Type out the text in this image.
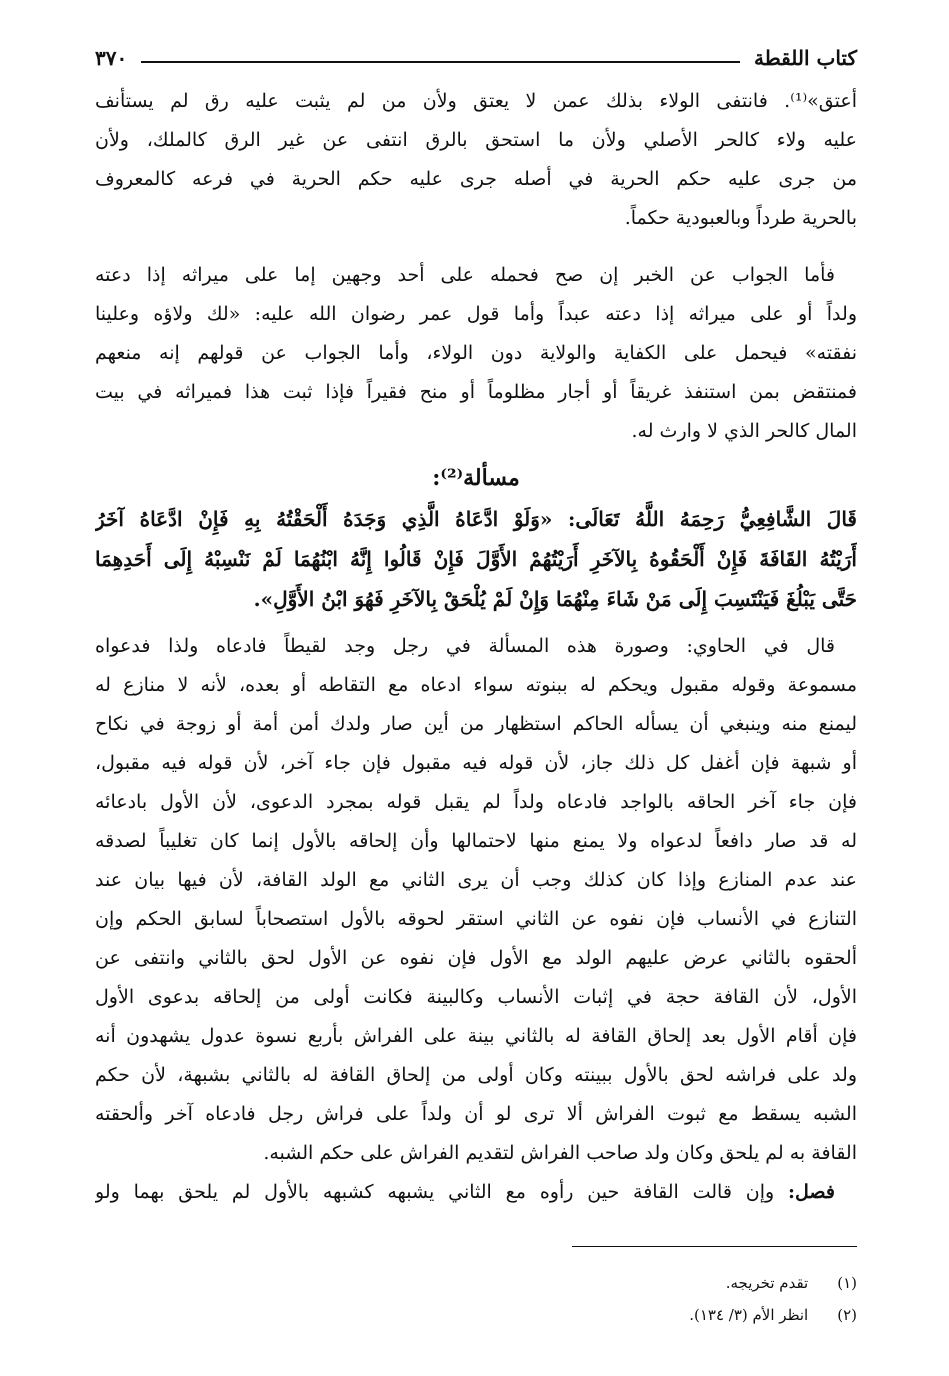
كتاب اللقطة
٣٧٠
أعتق»⁽¹⁾. فانتفى الولاء بذلك عمن لا يعتق ولأن من لم يثبت عليه رق لم يستأنف
عليه ولاء كالحر الأصلي ولأن ما استحق بالرق انتفى عن غير الرق كالملك، ولأن
من جرى عليه حكم الحرية في أصله جرى عليه حكم الحرية في فرعه كالمعروف
بالحرية طرداً وبالعبودية حكماً.
فأما الجواب عن الخبر إن صح فحمله على أحد وجهين إما على ميراثه إذا دعته
ولداً أو على ميراثه إذا دعته عبداً وأما قول عمر رضوان الله عليه: «لك ولاؤه وعلينا
نفقته» فيحمل على الكفاية والولاية دون الولاء، وأما الجواب عن قولهم إنه منعهم
فمنتقض بمن استنفذ غريقاً أو أجار مظلوماً أو منح فقيراً فإذا ثبت هذا فميراثه في بيت
المال كالحر الذي لا وارث له.
مسألة⁽²⁾:
قَالَ الشَّافِعِيُّ رَحِمَهُ اللَّهُ تَعَالَى: «وَلَوْ ادَّعَاهُ الَّذِي وَجَدَهُ أَلْحَقْتُهُ بِهِ فَإِنْ ادَّعَاهُ آخَرُ
أَرَيْتُهُ القَافَةَ فَإِنْ أَلْحَقُوهُ بِالآخَرِ أَرَيْتُهُمْ الأَوَّلَ فَإِنْ قَالُوا إِنَّهُ ابْنُهُمَا لَمْ نَنْسِبْهُ إِلَى أَحَدِهِمَا
حَتَّى يَبْلُغَ فَيَنْتَسِبَ إِلَى مَنْ شَاءَ مِنْهُمَا وَإِنْ لَمْ يُلْحَقْ بِالآخَرِ فَهُوَ ابْنُ الأَوَّلِ».
قال في الحاوي: وصورة هذه المسألة في رجل وجد لقيطاً فادعاه ولذا فدعواه
مسموعة وقوله مقبول ويحكم له ببنوته سواء ادعاه مع التقاطه أو بعده، لأنه لا منازع له
ليمنع منه وينبغي أن يسأله الحاكم استظهار من أين صار ولدك أمن أمة أو زوجة في نكاح
أو شبهة فإن أغفل كل ذلك جاز، لأن قوله فيه مقبول فإن جاء آخر، لأن قوله فيه مقبول،
فإن جاء آخر الحاقه بالواجد فادعاه ولداً لم يقبل قوله بمجرد الدعوى، لأن الأول بادعائه
له قد صار دافعاً لدعواه ولا يمنع منها لاحتمالها وأن إلحاقه بالأول إنما كان تغليباً لصدقه
عند عدم المنازع وإذا كان كذلك وجب أن يرى الثاني مع الولد القافة، لأن فيها بيان عند
التنازع في الأنساب فإن نفوه عن الثاني استقر لحوقه بالأول استصحاباً لسابق الحكم وإن
ألحقوه بالثاني عرض عليهم الولد مع الأول فإن نفوه عن الأول لحق بالثاني وانتفى عن
الأول، لأن القافة حجة في إثبات الأنساب وكالبينة فكانت أولى من إلحاقه بدعوى الأول
فإن أقام الأول بعد إلحاق القافة له بالثاني بينة على الفراش بأربع نسوة عدول يشهدون أنه
ولد على فراشه لحق بالأول ببينته وكان أولى من إلحاق القافة له بالثاني بشبهة، لأن حكم
الشبه يسقط مع ثبوت الفراش ألا ترى لو أن ولداً على فراش رجل فادعاه آخر وألحقته
القافة به لم يلحق وكان ولد صاحب الفراش لتقديم الفراش على حكم الشبه.
فصل: وإن قالت القافة حين رأوه مع الثاني يشبهه كشبهه بالأول لم يلحق بهما ولو
(١) تقدم تخريجه.
(٢) انظر الأم (٣/ ١٣٤).
